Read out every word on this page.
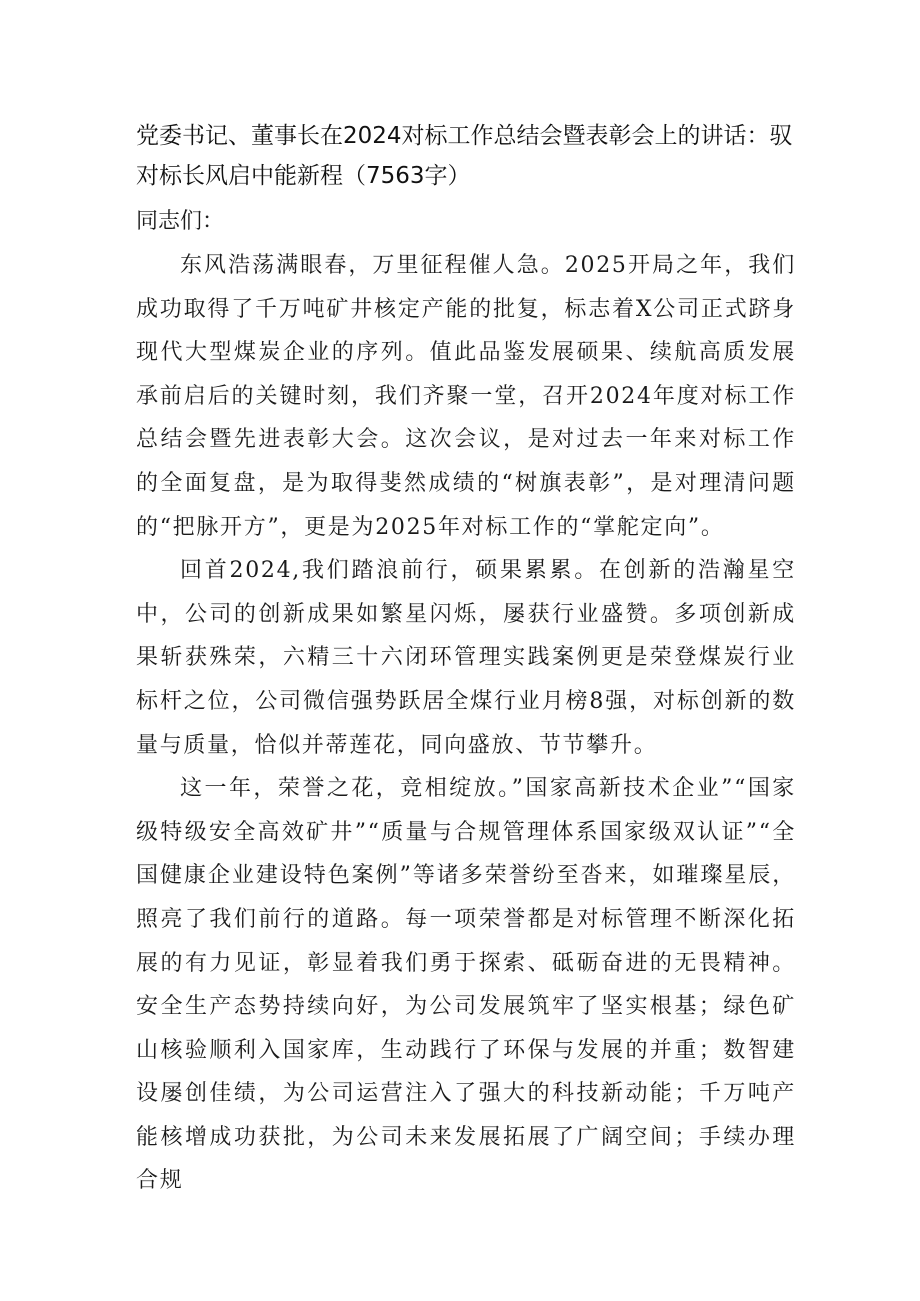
党委书记、董事长在2024对标工作总结会暨表彰会上的讲话：驭对标长风启中能新程（7563字）

同志们：

东风浩荡满眼春，万里征程催人急。2025开局之年，我们成功取得了千万吨矿井核定产能的批复，标志着X公司正式跻身现代大型煤炭企业的序列。值此品鉴发展硕果、续航高质发展承前启后的关键时刻，我们齐聚一堂，召开2024年度对标工作总结会暨先进表彰大会。这次会议，是对过去一年来对标工作的全面复盘，是为取得斐然成绩的“树旗表彰”，是对理清问题的“把脉开方”，更是为2025年对标工作的“掌舵定向”。

回首2024,我们踏浪前行，硕果累累。在创新的浩瀚星空中，公司的创新成果如繁星闪烁，屡获行业盛赞。多项创新成果斩获殊荣，六精三十六闭环管理实践案例更是荣登煤炭行业标杆之位，公司微信强势跃居全煤行业月榜8强，对标创新的数量与质量，恰似并蒂莲花，同向盛放、节节攀升。

这一年，荣誉之花，竞相绽放。”国家高新技术企业”“国家级特级安全高效矿井”“质量与合规管理体系国家级双认证”“全国健康企业建设特色案例”等诸多荣誉纷至沓来，如璀璨星辰，照亮了我们前行的道路。每一项荣誉都是对标管理不断深化拓展的有力见证，彰显着我们勇于探索、砥砺奋进的无畏精神。安全生产态势持续向好，为公司发展筑牢了坚实根基；绿色矿山核验顺利入国家库，生动践行了环保与发展的并重；数智建设屡创佳绩，为公司运营注入了强大的科技新动能；千万吨产能核增成功获批，为公司未来发展拓展了广阔空间；手续办理合规
